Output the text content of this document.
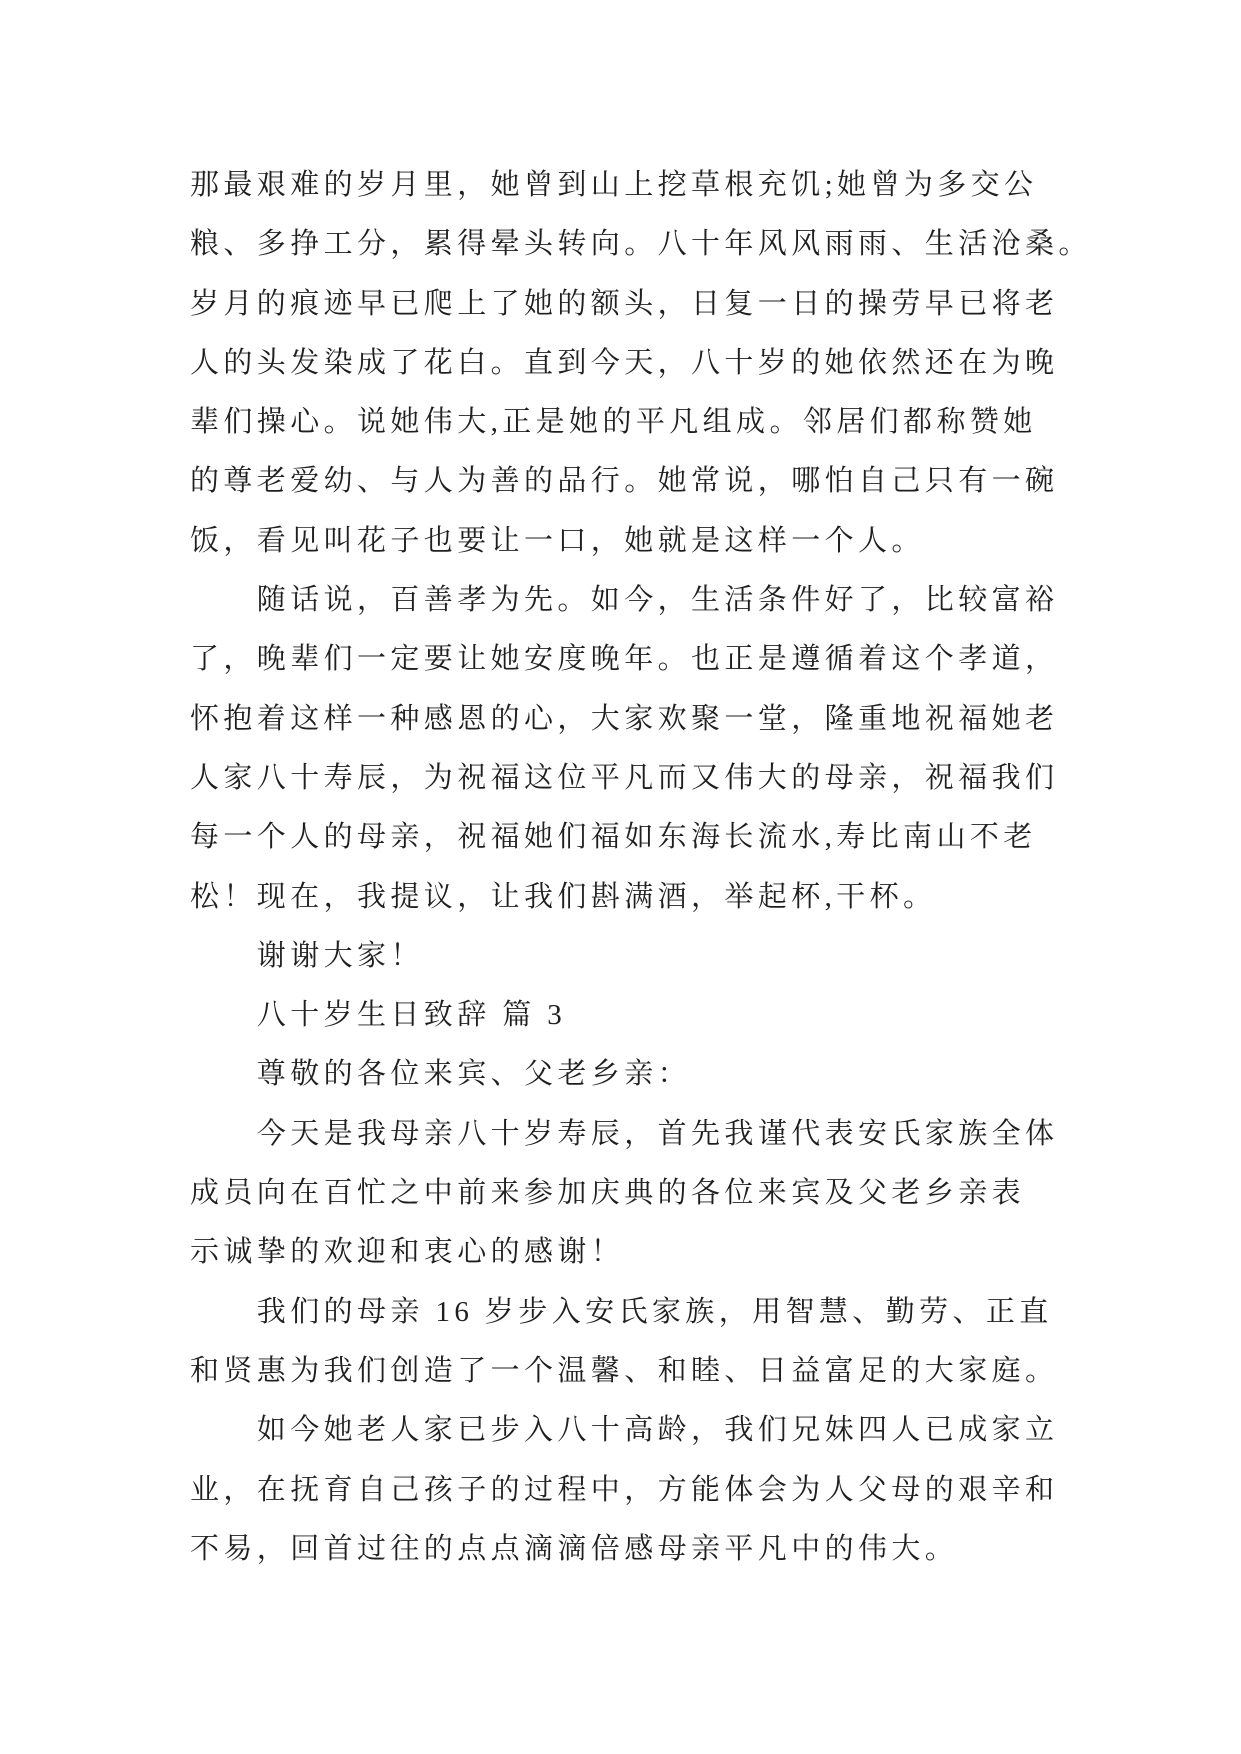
那最艰难的岁月里，她曾到山上挖草根充饥;她曾为多交公
粮、多挣工分，累得晕头转向。八十年风风雨雨、生活沧桑。
岁月的痕迹早已爬上了她的额头，日复一日的操劳早已将老
人的头发染成了花白。直到今天，八十岁的她依然还在为晚
辈们操心。说她伟大,正是她的平凡组成。邻居们都称赞她
的尊老爱幼、与人为善的品行。她常说，哪怕自己只有一碗
饭，看见叫花子也要让一口，她就是这样一个人。
随话说，百善孝为先。如今，生活条件好了，比较富裕
了，晚辈们一定要让她安度晚年。也正是遵循着这个孝道，
怀抱着这样一种感恩的心，大家欢聚一堂，隆重地祝福她老
人家八十寿辰，为祝福这位平凡而又伟大的母亲，祝福我们
每一个人的母亲，祝福她们福如东海长流水,寿比南山不老
松！现在，我提议，让我们斟满酒，举起杯,干杯。
谢谢大家！
八十岁生日致辞 篇 3
尊敬的各位来宾、父老乡亲：
今天是我母亲八十岁寿辰，首先我谨代表安氏家族全体
成员向在百忙之中前来参加庆典的各位来宾及父老乡亲表
示诚挚的欢迎和衷心的感谢！
我们的母亲 16 岁步入安氏家族，用智慧、勤劳、正直
和贤惠为我们创造了一个温馨、和睦、日益富足的大家庭。
如今她老人家已步入八十高龄，我们兄妹四人已成家立
业，在抚育自己孩子的过程中，方能体会为人父母的艰辛和
不易，回首过往的点点滴滴倍感母亲平凡中的伟大。
